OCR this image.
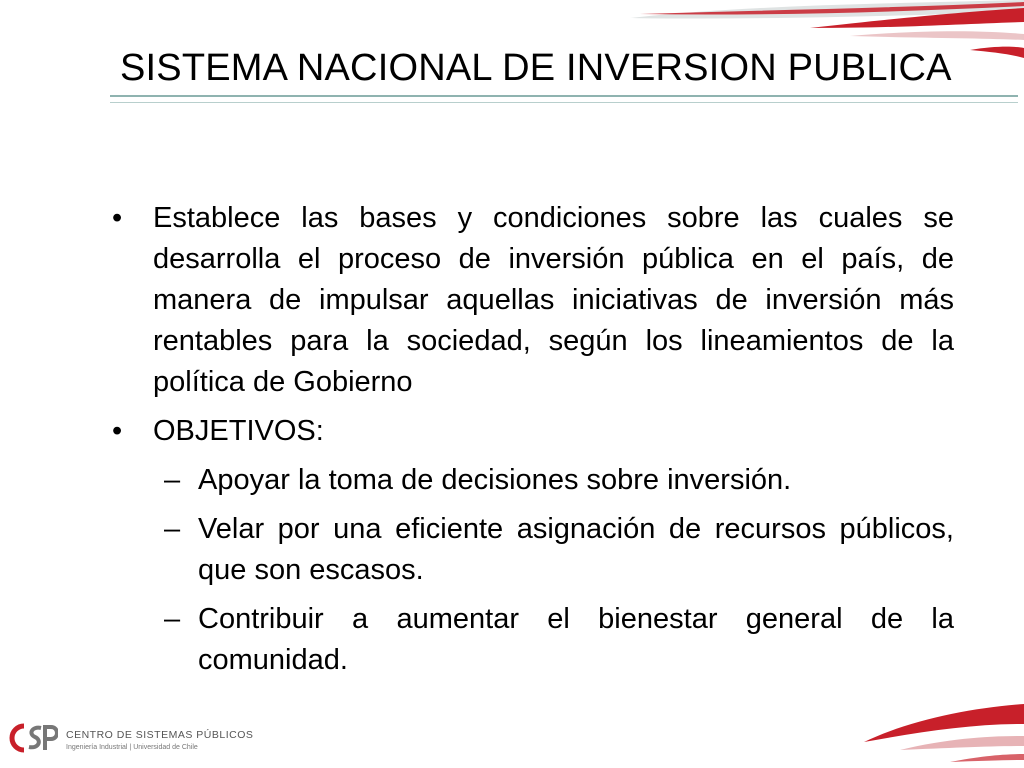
SISTEMA NACIONAL DE INVERSION PUBLICA
• Establece las bases y condiciones sobre las cuales se desarrolla el proceso de inversión pública en el país, de manera de impulsar aquellas iniciativas de inversión más rentables para la sociedad, según los lineamientos de la política de Gobierno
• OBJETIVOS:
– Apoyar la toma de decisiones sobre inversión.
– Velar por una eficiente asignación de recursos públicos, que son escasos.
– Contribuir a aumentar el bienestar general de la comunidad.
CENTRO DE SISTEMAS PÚBLICOS
Ingeniería Industrial | Universidad de Chile
